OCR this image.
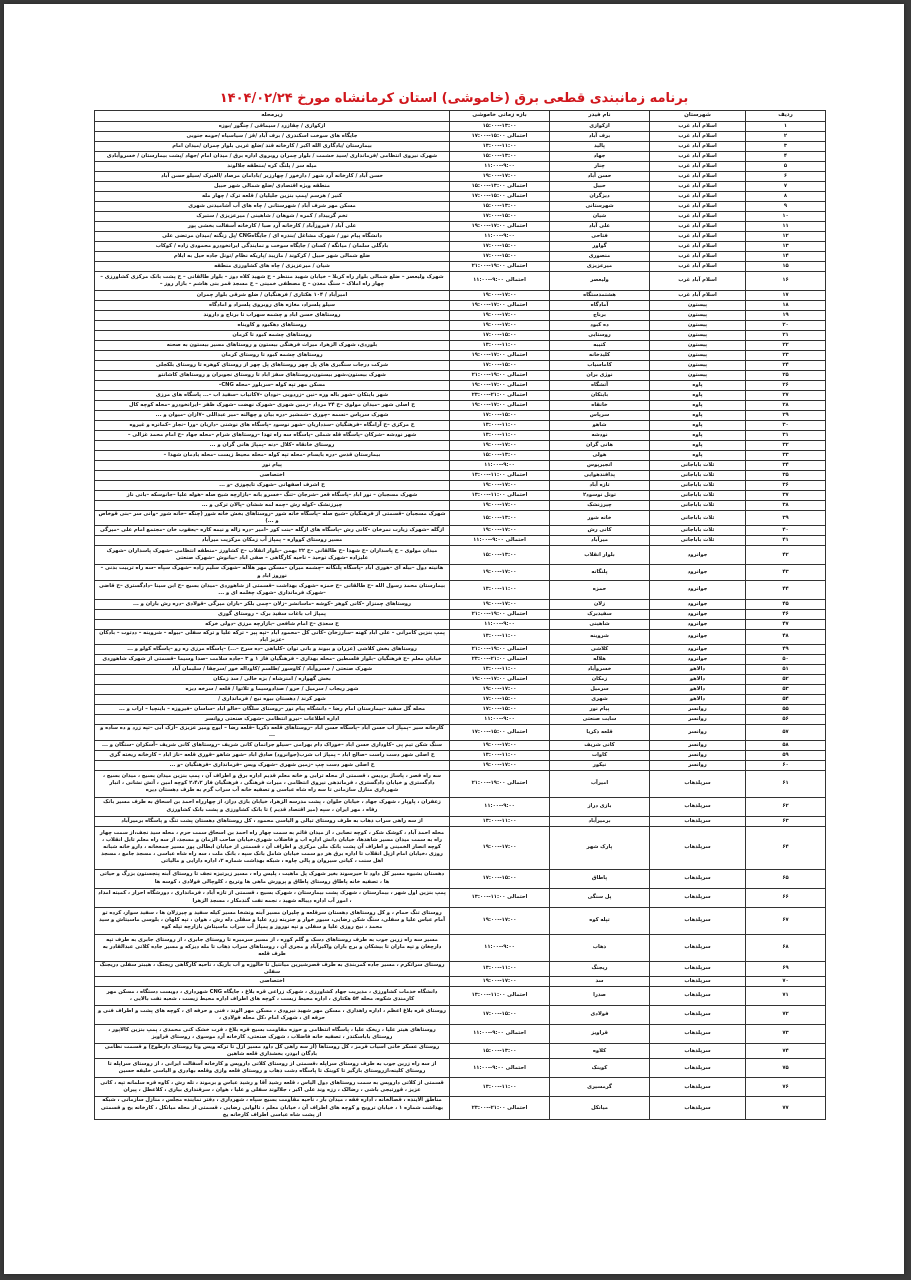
برنامه زمانبندی قطعی برق (خاموشی) استان کرمانشاه مورخ ۱۴۰۴/۰۲/۲۴
ردیف	شهرستان	نام فیدر	بازه زمانی خاموشی	زیرمحله
۱	اسلام آباد غرب	ازکوازی	۱۳:۰۰--۱۵:۰۰	ازکوازی / چقازرد / سیماقی / چنگور /بوزه
۲	اسلام آباد غرب	برف آباد	احتمالی ۱۵:۰۰--۱۷:۰۰	جایگاه های سوخت اسکندری / برف آباد /قز / سیاسیاه /حومه جنوبی
۳	اسلام آباد غرب	پالید	۱۱:۰۰--۱۳:۰۰	بیمارستان /یادگاری الله اکبر / کارخانه قند /ضلع غربی بلوار چمران /میدان امام
۴	اسلام آباد غرب	جهاد	۱۳:۰۰--۱۵:۰۰	شهرک نیروی انتظامی /فرمانداری /سید حشمت / بلوار چمران روبروی اداره برق / میدان امام /جهاد /پشت بیمارستان / خسروآبادی
۵	اسلام آباد غرب	چنار	۹:۰۰--۱۱:۰۰	میله سر / پلنگ کره /منطقه جلالوند
۶	اسلام آباد غرب	حسن آباد	۱۷:۰۰--۱۹:۰۰	حسن آباد / کارخانه آرد شهر / دارخور / چهارزبر /بادامان مرصاد /الغیرک /سیلو حسن آباد
۷	اسلام آباد غرب	حبیل	احتمالی ۱۳:۰۰--۱۵:۰۰	منطقه ویژه اقتصادی /ضلع شمالی شهر حبیل
۸	اسلام آباد غرب	دیزگران	احتمالی ۱۵:۰۰--۱۷:۰۰	کنیر / هرسم /پمپ بنزین جلیلیان / قلعه ترک / چهار مله
۹	اسلام آباد غرب	شهرستانی	۱۳:۰۰--۱۵:۰۰	مسکن مهر شرف آباد / شهرستانی / چاه های آب آشامیدنی شهری
۱۰	اسلام آباد غرب	شیان	۱۵:۰۰--۱۷:۰۰	تخم گربیداد / کمره / شوهان / شاهینی / میرعزیزی / ستبرک
۱۱	اسلام آباد غرب	علی آباد	احتمالی ۱۷:۰۰--۱۹:۰۰	علی آباد / فیروزآباد / کارخانه آرد صبا / کارخانه آسفالت بخشی پور
۱۲	اسلام آباد غرب	فتاحی	۹:۰۰--۱۱:۰۰	دانشگاه پیام نور / شهرک مشاغل /بندره ای / جایگاهCNG /پل زنگنه /میدان مرتضی علی
۱۳	اسلام آباد غرب	گواور	۱۵:۰۰--۱۷:۰۰	بادگلی سلمان / میانگه / کسان / جایگاه سوخت و نمایندگی ایرانخودرو محمودی زاده / کوکاب
۱۴	اسلام آباد غرب	منصوری	۱۵:۰۰--۱۷:۰۰	ضلع شمالی شهر حبیل / کرکوند / مازیبد /پاریکه نظام /تونل جاده حیل به ایلام
۱۵	اسلام آباد غرب	میرعزیزی	احتمالی ۱۹:۰۰--۲۱:۰۰	شیان / میرعزیزی / چاه های کشاورزی منطقه
۱۶	اسلام آباد غرب	ولیعصر	احتمالی ۹:۰۰--۱۱:۰۰	شهرک ولیعصر – ضلع شمالی بلوار راه کربلا – خیابان شهید منتظر – خ شهید کلاه دوز – بلوار طالقانی – خ پشت بانک مرکزی کشاورزی – چهار راه املاک – سنگ معدن – خ مصطفی خمینی – خ مسجد قمر بنی هاشم – بازار روز –
۱۷	اسلام آباد غرب	هشتمدستگاه	۱۷:۰۰--۱۹:۰۰	امیرآباد / ۱۰۴ هکتاری / فرهنگیان / ضلع شرقی بلوار چمران
۱۸	پیستون	آمادگاه	احتمالی ۱۷:۰۰--۱۹:۰۰	سیلو پلسراد، مغازه های روبروی پلسراد و امادگاه
۱۹	پیستون	برناج	۱۷:۰۰--۱۹:۰۰	روستاهای حسن اباد و چشمه سهراب تا برناج و داروند
۲۰	پیستون	ده کبود	۱۷:۰۰--۱۹:۰۰	روستاهای دهکبود و کاویناه
۲۱	پیستون	روستایی	۱۵:۰۰--۱۷:۰۰	روستاهای چشمه کبود تا کرمان
۲۲	پیستون	کتیبه	۱۱:۰۰--۱۳:۰۰	بلوردی، شهرک الزهرا، میراث فرهنگی بیستون و روستاهای مسیر بیستون به صحنه
۲۳	پیستون	کلیدخانه	احتمالی ۱۷:۰۰--۱۹:۰۰	روستاهای چشمه کبود تا روستای کرمان
۲۴	پیستون	کاماسیاب	۱۵:۰۰--۱۷:۰۰	شرکت درجات سنگبری های پل چهر روستاهای پل چهر از روستای کوهره تا روستای بلکجلی
۲۵	پیستون	نوژی بران	احتمالی ۱۹:۰۰--۲۱:۰۰	شهرک بیستون،شهر بیستون،روستاهای سفز اباد تا روستای نجوبران و روستاهای کاشانتو
۲۶	پاوه	آتشگاه	احتمالی ۱۷:۰۰--۱۹:۰۰	مسکن مهر تپه کوله –سربلور –محله CNG–
۲۷	پاوه	بایتکان	احتمالی ۲۱:۰۰--۲۳:۰۰	شهر بایتکان –شهر باله وره –نین –زردویی –نودان –۷کانیاب –سفید اب –... پاسگاه های مرزی
۲۸	پاوه	خانقاه	احتمالی ۱۷:۰۰--۱۹:۰۰	خ اصلی شهر –میدان مولوی –خ ۲۴ مرداد –زمین شهری –شهرک نهضت –شهرک ظفر –ایرانخودرو –محله کوچه کال
۲۹	پاوه	سرپاس	۱۵:۰۰--۱۷:۰۰	شهرک سرپاس –نسمه –چوری –شمشیر –دره بیان و چهالنه –میر عبداللی –۷ازان –میوان و ...
۳۰	پاوه	شاهو	۱۱:۰۰--۱۳:۰۰	خ مرکزی –خ آرامگاه –فرهنگیان –سدداریان –شهر نوسود –پاسگاه های نوشنی –داریان –ورا –نجار –کمانره و غیروه
۳۱	پاوه	نودشه	۱۱:۰۰--۱۳:۰۰	شهر نودشه –شرکان –پاسگاه قله شملی –پاسگاه سه راه تهدا –روستاهای شرام –محله جهاد –خ امام محمد غزالی –
۳۲	پاوه	هانی گران	۱۷:۰۰--۱۹:۰۰	روستای خانقاه –کلال –دنه –پمپاژ هانی گران و ...
۳۳	پاوه	هولی	۱۳:۰۰--۱۵:۰۰	بیمارستان قدس –دره بایسام –محله تپه کوله –محله محیط زیست –محله یادمان شهدا –
۳۴	ثلاث باباجانی	انجیرپوس	۹:۰۰--۱۱:۰۰	پیام نور
۳۵	ثلاث باباجانی	پدافندهوایی	احتمالی ۱۱:۰۰--۱۳:۰۰	اختصاصی
۳۶	ثلاث باباجانی	تازه آباد	۱۷:۰۰--۱۹:۰۰	خ اشرف اصفهانی –شهرک تایچوزی –و ...
۳۷	ثلاث باباجانی	تونل نوسود۲	احتمالی ۱۱:۰۰--۱۳:۰۰	شهرک مسجبان – نور اباد –پاسگاه قعر –شرجان –تنگ –خسرو بانه –بازارچه شیخ صله –هوله علیا –جانوسکه –بانی ناز
۳۸	ثلاث باباجانی	چیرزنشک	۱۷:۰۰--۱۹:۰۰	چیرزنشک –کوله رش –چمه لمه ششان –پالان ترکی و ...
۳۹	ثلاث باباجانی	خانه شور	۱۳:۰۰--۱۵:۰۰	شهرک مسجبان –قسمتی از فرهنگیان –شیخ صله –پاسگاه خانه شور –روستاهای بخش خانه شور (چنگه –خانه شور –وانی سر –بنی قوخاص و ...)
۴۰	ثلاث باباجانی	کانی رش	۱۷:۰۰--۱۹:۰۰	ازگله –شهرک زیارت نمرخان –کانی رش –پاسگاه های ازگله –بنت کور –امیر –دره زاله و نیمه کاره –یعقوب خان –مجتمع امام علی –میرگی
۴۱	ثلاث باباجانی	میرآباد	احتمالی ۹:۰۰--۱۱:۰۰	مسیر روستای کوواره – پمپاژ آب زمکان مرکزیت میرآباد
۴۲	جوانرود	بلوار انقلاب	۱۳:۰۰--۱۵:۰۰	میدان مولوی – خ پاسداران –خ شهدا –خ طالقانی –خ ۲۲ بهمن –بلوار انقلاب –خ کشاورز –منطقه انتظامی –شهرک پاسداران –شهرک علیزاده –شهرک توحید – ناحیه کارگاهی – صفی اباد –بیانوش –شهرک صنعتی
۴۳	جوانرود	پلنگانه	۱۷:۰۰--۱۹:۰۰	هانیته دول –بیله ای –هوری اباد –پاسگاه پلنگانه –چشمه میران –مسکن مهر هلاله –شهرک سلیم زاده –شهرک سپاه –سه راه تربیت بدنی –نوروز اباد و
۴۴	جوانرود	حمزه	۱۱:۰۰--۱۳:۰۰	بیمارستان محمد رسول الله –خ طالقانی –خ حمزه –شهرک بهداشت –قسمتی از شاهوردی –میدان بسیج –خ ابن سینا –دادگستری –خ قاضی –شهرک فرمانداری –شهرک چغلمه ای و ...
۴۵	جوانرود	زلان	۱۷:۰۰--۱۹:۰۰	روستاهای چمنزار –کانی کوهر –کوشه –ماسانشر –زلان –چمی بلکر –باران میرگی –قولادی –دره رش باران و ...
۴۶	جوانرود	سفیدبرک	احتمالی ۱۹:۰۰--۲۱:۰۰	پمپاژ اب باغات سفید برک – روستای گوری
۴۷	جوانرود	شاهینی	۹:۰۰--۱۱:۰۰	خ سعدی –خ امام شافعی –بازارچه مرزی –دولی خرکه
۴۸	جوانرود	شروینه	۱۱:۰۰--۱۳:۰۰	پمپ بنزین کامرانی – علی اباد کهنه –سارزخان –کانی کل –محمود اباد –تپه پیر – ترکه علیا و ترکه سفلی –بیوله – شروینه – ددتوت – بادکان –عزیز اباد
۴۹	جوانرود	کلاشی	احتمالی ۱۹:۰۰--۲۱:۰۰	روستاهای بخش کلاشی (عزران و بیوند و بانی توان –کلیاهی –ده سرخ –...) –پاسگاه مرزی ره رو –پاسگاه کولو و ...
۵۰	جوانرود	هلاله	احتمالی ۲۱:۰۰--۲۳:۰۰	خیابان معلم –خ فرهنگیان –بلوار فلسطین –محله بهداری – فرهنگیان فاز ۱ و ۳ –جاده سلامت –صدا وسیما –قسمتی از شهرک شاهوردی
۵۱	دالاهو	خسروآباد	۱۱:۰۰--۱۳:۰۰	شهرک صنعتی / خسروآباد / کاوسور /طلسم /کاوداله خور /سرچقا / سلیمان آباد
۵۲	دالاهو	زمکان	احتمالی ۱۷:۰۰--۱۹:۰۰	بخش گهواره / امنرشاه / بزه خالی / سد زمکان
۵۳	دالاهو	سرمیل	۱۷:۰۰--۱۹:۰۰	شهر ریجاب / سرمیل / حرو / صدادوسیما و ثلاتوا / قلعه / سرخه دیزه
۵۴	دالاهو	شهری	۱۵:۰۰--۱۷:۰۰	شهر کرند / دهستان بیوه نیج / فرمانداری /
۵۵	روانسر	پیام نور	۱۵:۰۰--۱۷:۰۰	محله گل سفید –بیمارستان امام رضا – دانشگاه پیام نور –روستای سلگان –خالو اباد –ساسان –فیروزه – باینچیا – اراب و ...
۵۶	روانسر	سایت صنعتی	۹:۰۰--۱۱:۰۰	اداره اطلاعات –نیرو انتظامی –شهرک صنعتی روانسر
۵۷	روانسر	قلعه ذکریا	احتمالی ۱۵:۰۰--۱۷:۰۰	کارخانه سیر –پمپاژ اب حسن اباد –پاسگاه حسن اباد –روستاهای قلعه ذکریا –قلعه رضا – ایوج ومیر عزیزی –ازک آبی –تپه زرد و ده ساده و ...
۵۸	روانسر	کانی شریف	۱۷:۰۰--۱۹:۰۰	سنگ شکن تیم پی –کاوداری حسن اباد –خوراک دام بهرامی –سیلو جرانمان کانی شریف –روستاهای کانی شریف –آسکران –سنگان و ...
۵۹	روانسر	کاوات	۱۱:۰۰--۱۳:۰۰	خ اصلی شهر دست راست –صالح اباد – پمپاژ اب شرب(جوانرود) صادق اباد –شهر شاهو –قوری قلعه –ناز اباد – کارخانه ریخته گری
۶۰	روانسر	نیکور	۱۷:۰۰--۱۹:۰۰	خ اصلی شهر دست چپ –زمین شهری –شهرک ویس –فرمانداری –فرهنگیان –و ...
۶۱	سرپلذهاب	امیرآب	احتمالی ۱۹:۰۰--۲۱:۰۰	سه راه قصر ، پاساژ بردیس ، قسمتی از محله ترابی و خانه معلم قدیم اداره برق و اطراف آن ، پمپ بنزین میدان بسیج ، میدان بسیج ، دادگستری و خیابان دادگستری ، فرماندهی نیروی انتظامی ، میراث فرهنگی ، فرهنگیان فاز ۲،۴،۲ کوچه امین ، آتش نشانی ، انبار شهرداری منازل سازمانی تا سه راه شاه عباسی و تصفیه خانه آب سراب گرم به طرف دهستان دیره
۶۲	سرپلذهاب	بازی دراز	۹:۰۰--۱۱:۰۰	زعفران ، پاوپار ، شهرک جهاد ، خیابان حلوان ، پشت مدرسه الزهرا، خیابان بازی دراز، از چهارراه احمد بن اسحاق به طرف مسیر بانک رفاه ، مهر ایران ، سپه (میر اقتصاد قدیم ) تا بانک کشاورزی و پشت بانک کشاورزی
۶۳	سرپلذهاب	برمیرآباد	۱۱:۰۰--۱۳:۰۰	از سه راهی سراب ذهاب به طرف روستای تیالی و الیاسی محمود ، کل روستاهای دهستان پشت تنگ و پاسگاه برمیرآباد
۶۴	سرپلذهاب	پارک شهر	۱۷:۰۰--۱۹:۰۰	محله احمد آباد ، کوشک شکر ، کوچه نصابی ، از میدان قائم به سمت چهار راه احمد بن اسحاق سمت حرم ، محله سید نجف،از سمت چهار راه به سمت میدان مسیر شاهدها، خیابان دانش اداره اب و فاضلاب شهری،خیابان صاحب الزمان و مسجد، از سه راه معلم تابل انقلاب ، کوچه انصار الخمینی و اطراف آن پشت بانک ملی مرکزی و اطراف آن ، قسمتی از خیابان ابطالی پور مسیر جمعخانه ، دارو خانه شبانه روزی ،خیابان امام ازپل انقلاب تا اداره برق هر دو سمت خیابان شامل بانک سپه ، بانک ملت ، سه راه شاه عباسی ، مسجد جامع ، مسجد اهل سنت ، کیانی سیروان و پالی چاوه ، شبکه بهداشت شماره ۲، اداره دارایی و مالیاتی
۶۵	سرپلذهاب	پاطاق	۱۵:۰۰--۱۷:۰۰	دهستان بشیوه مسیر کل داود تا حیرسوند بغیر شهرک پل ماهیت ، پلیس راه ، مسیر زیرتیزه نجف تا روستای آبنه پنجستون بزرگ و حیاتی ها ، تصفیه خانه پاطاق روستای پاطاق و پرورش ماهی ها وتریخ ، کلوچالی فولادی ، کوسه ها
۶۶	سرپلذهاب	پل سنگی	احتمالی ۱۱:۰۰--۱۳:۰۰	پمپ بنزین اول شهر ، بیمارستان ، شهرک پشت بیمارستان ، شهرک بسیج ، قسمتی از تازه آباد ، فرمانداری ، دورشگاه احرار ، کمیته امداد ، امور آب اداره دیباله شهید ، نجمه نفت گندمکار ، مسجد الزهرا
۶۷	سرپلذهاب	تپله کوه	۱۷:۰۰--۱۹:۰۰	روستای تنگ حمام ، و کل روستاهای دهستان سرقلعه و چلیران مسیر آبنه ونشخا مسیر کیله سفید و چیرزلان ها ، سفید سوار، کرده تو آمام عباس علیا و سفلی، سنگ شکن رضایی، سیور خوار و جنرینه زرد علیا و سفلی دله رش ، هوان ، تپه کلهان ، بلوسی ماسیتاش و سید محمد ، نیخ روزی علیا و سفلی و تپه نوروز و پمپاژ آب سراب ماسیتاش بازارچه تپله کوه
۶۸	سرپلذهاب	ذهاب	۹:۰۰--۱۱:۰۰	مسیر سه راه زرین جوب به طرف روستاهای دسک و گلم کوره ، از مسیر سرمیره تا روستای جابری ، از روستای جابری به طرف تپه دارچغان و تپه ماران تا بیشکان و برج باران واکبرآباد و مجری آن ، روستاهای سراب ذهاب تا مله دیزکه و مسیر جاده کلاتی عبدالقادر به طرف قلعه
۶۹	سرپلذهاب	ریجنگ	۱۱:۰۰--۱۳:۰۰	روستای سراتکرم ، مسیر جاده کمربندی به طرف قصرشیرین میانتیل تا خالوزه و آب باریک ، ناحیه کارگاهی ریجنگ ، هیبتر سفلی دریجنگ سفلی
۷۰	سرپلذهاب	سد	۱۷:۰۰--۱۹:۰۰	اختصاصی
۷۱	سرپلذهاب	صدرا	احتمالی ۱۱:۰۰--۱۳:۰۰	دانشگاه خدمات کشاورزی ، مدیریت جهاد کشاورزی ، شهرک زراعی قره بلاغ ، جایگاه CNG شهرداری ، دویست دستگاه ، مسکن مهر کارمندی شکوه، محله ۵۴ هکتاری ، اداره محیط زیست ، کوچه های اطراف اداره محیط زیست ، شعبه نفت بالایی ،
۷۲	سرپلذهاب	فولادی	۱۵:۰۰--۱۷:۰۰	روستای قره بلاغ اعظم ، اداره راهداری ، مسکن مهر شهید نیرودی ، مسکن مهر الوند ، فنی و حرفه ای ، کوچه های پشت و اطراف فنی و حرفه ای ، شهرک امام ،کل محله فولادی ،
۷۳	سرپلذهاب	قراویز	احتمالی ۹:۰۰--۱۱:۰۰	روستاهای هیتر علیا ، ریخک علیا ، پاسگاه انتظامی و حوزه مقاومت بسیج قره بلاغ ، قرت خشک کنی محمدی ، پمپ بنزین کالاپور ، روستای باباسکندر ، تصفیه خانه فاضلاب ، شهرک صنعتی، کارخانه آرد موسوی ، روستای قراویز
۷۴	سرپلذهاب	کلاوه	۱۳:۰۰--۱۵:۰۰	روستای عسکر خانی آسیاب قرمز ، کل روستاها (از سه راهی کل داود مسیر ازل تا ترکه ویس وتا روستای دارطوخ) و قسمت نظامی بادگان ابوذر، بخشداری قلعه شاهین
۷۵	سرپلذهاب	کوینک	احتمالی ۹:۰۰--۱۱:۰۰	از سه راه زرین جوب به طرف روستای سراپله ،قسمتی از روستای کلاتی داروپس و کارخانه آسفالت ایرانی ، از روستای سراپله تا روستای کلینه،ازروستای بازگیر تا کوینک تا پاسگاه دشت ذهاب و روستای قلعه وازی وقلعه بهادری و الیاسی خلیفه حسین
۷۶	سرپلذهاب	گرمسیری	۱۱:۰۰--۱۳:۰۰	قسمتی از کلاتی داروپس به سمت روستاهای دول الیاس ، قلعه رشید آقا و رشید عباس و برموند ، تله رش ، کاوه قره سلمانه تپه ، کانی عزیز ، قورتیجی باشی ، رضالک ، رزه وند علی اکبر ، جلالوند سفلی و علیا ، هوان ، سرقنداری بیاری ، کلاعطل ، پیران
۷۷	سرپلذهاب	میانکل	احتمالی ۲۱:۰۰--۲۳:۰۰	مناطق آلاینده ، قصالخانه ، اداره فقه ، میدان بار ، ناحیه مقاومت بسیج سپاه ، شهرداری ، دفتر نماینده مجلس ، منازل سازمانی ، شبکه بهداشت شماره ۱ ، خیابان ترویج و کوچه های اطراف آن ، خیابان معلم ، تالوابی رضایی ، قسمتی از محله میانکل ، کارخانه یخ و قسمتی از پشت شاه عباسی اطراف کارخانه یخ
